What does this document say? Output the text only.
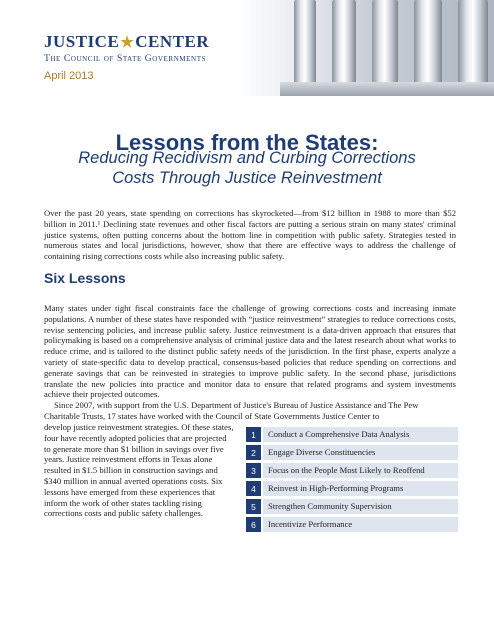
JUSTICE★CENTER
The Council of State Governments
April 2013
Lessons from the States:
Reducing Recidivism and Curbing Corrections
Costs Through Justice Reinvestment
Over the past 20 years, state spending on corrections has skyrocketed—from $12 billion in 1988 to more than $52 billion in 2011.¹ Declining state revenues and other fiscal factors are putting a serious strain on many states' criminal justice systems, often putting concerns about the bottom line in competition with public safety. Strategies tested in numerous states and local jurisdictions, however, show that there are effective ways to address the challenge of containing rising corrections costs while also increasing public safety.
Six Lessons
Many states under tight fiscal constraints face the challenge of growing corrections costs and increasing inmate populations. A number of these states have responded with “justice reinvestment” strategies to reduce corrections costs, revise sentencing policies, and increase public safety. Justice reinvestment is a data-driven approach that ensures that policymaking is based on a comprehensive analysis of criminal justice data and the latest research about what works to reduce crime, and is tailored to the distinct public safety needs of the jurisdiction. In the first phase, experts analyze a variety of state-specific data to develop practical, consensus-based policies that reduce spending on corrections and generate savings that can be reinvested in strategies to improve public safety. In the second phase, jurisdictions translate the new policies into practice and monitor data to ensure that related programs and system investments achieve their projected outcomes.
Since 2007, with support from the U.S. Department of Justice's Bureau of Justice Assistance and The Pew Charitable Trusts, 17 states have worked with the Council of State Governments Justice Center to
develop justice reinvestment strategies. Of these states, four have recently adopted policies that are projected to generate more than $1 billion in savings over five years. Justice reinvestment efforts in Texas alone resulted in $1.5 billion in construction savings and $340 million in annual averted operations costs. Six lessons have emerged from these experiences that inform the work of other states tackling rising corrections costs and public safety challenges.
1	Conduct a Comprehensive Data Analysis
2	Engage Diverse Constituencies
3	Focus on the People Most Likely to Reoffend
4	Reinvest in High-Performing Programs
5	Strengthen Community Supervision
6	Incentivize Performance
